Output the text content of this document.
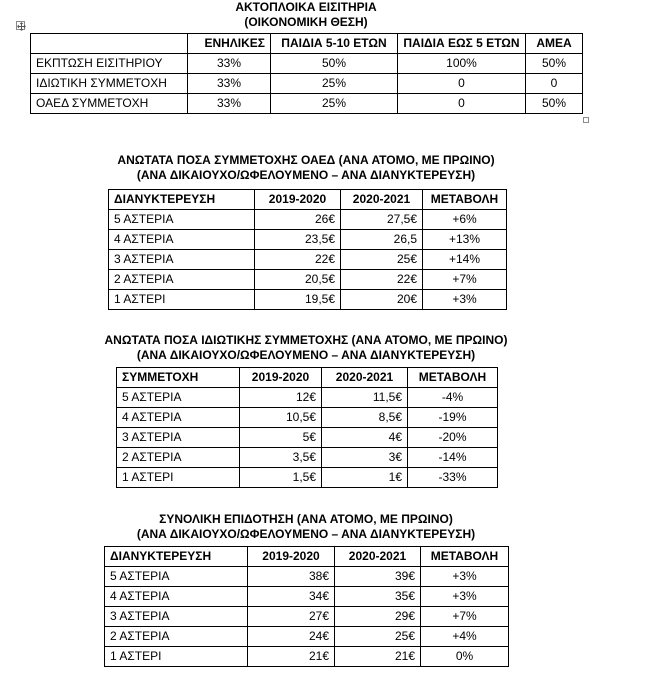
ΑΚΤΟΠΛΟΙΚΑ ΕΙΣΙΤΗΡΙΑ
(ΟΙΚΟΝΟΜΙΚΗ ΘΕΣΗ)
	ΕΝΗΛΙΚΕΣ	ΠΑΙΔΙΑ 5-10 ΕΤΩΝ	ΠΑΙΔΙΑ ΕΩΣ 5 ΕΤΩΝ	ΑΜΕΑ
ΕΚΠΤΩΣΗ ΕΙΣΙΤΗΡΙΟΥ	33%	50%	100%	50%
ΙΔΙΩΤΙΚΗ ΣΥΜΜΕΤΟΧΗ	33%	25%	0	0
ΟΑΕΔ ΣΥΜΜΕΤΟΧΗ	33%	25%	0	50%
ΑΝΩΤΑΤΑ ΠΟΣΑ ΣΥΜΜΕΤΟΧΗΣ ΟΑΕΔ (ΑΝΑ ΑΤΟΜΟ, ΜΕ ΠΡΩΙΝΟ)
(ΑΝΑ ΔΙΚΑΙΟΥΧΟ/ΩΦΕΛΟΥΜΕΝΟ – ΑΝΑ ΔΙΑΝΥΚΤΕΡΕΥΣΗ)
ΔΙΑΝΥΚΤΕΡΕΥΣΗ	2019-2020	2020-2021	ΜΕΤΑΒΟΛΗ
5 ΑΣΤΕΡΙΑ	26€	27,5€	+6%
4 ΑΣΤΕΡΙΑ	23,5€	26,5	+13%
3 ΑΣΤΕΡΙΑ	22€	25€	+14%
2 ΑΣΤΕΡΙΑ	20,5€	22€	+7%
1 ΑΣΤΕΡΙ	19,5€	20€	+3%
ΑΝΩΤΑΤΑ ΠΟΣΑ ΙΔΙΩΤΙΚΗΣ ΣΥΜΜΕΤΟΧΗΣ (ΑΝΑ ΑΤΟΜΟ, ΜΕ ΠΡΩΙΝΟ)
(ΑΝΑ ΔΙΚΑΙΟΥΧΟ/ΩΦΕΛΟΥΜΕΝΟ – ΑΝΑ ΔΙΑΝΥΚΤΕΡΕΥΣΗ)
ΣΥΜΜΕΤΟΧΗ	2019-2020	2020-2021	ΜΕΤΑΒΟΛΗ
5 ΑΣΤΕΡΙΑ	12€	11,5€	-4%
4 ΑΣΤΕΡΙΑ	10,5€	8,5€	-19%
3 ΑΣΤΕΡΙΑ	5€	4€	-20%
2 ΑΣΤΕΡΙΑ	3,5€	3€	-14%
1 ΑΣΤΕΡΙ	1,5€	1€	-33%
ΣΥΝΟΛΙΚΗ ΕΠΙΔΟΤΗΣΗ (ΑΝΑ ΑΤΟΜΟ, ΜΕ ΠΡΩΙΝΟ)
(ΑΝΑ ΔΙΚΑΙΟΥΧΟ/ΩΦΕΛΟΥΜΕΝΟ – ΑΝΑ ΔΙΑΝΥΚΤΕΡΕΥΣΗ)
ΔΙΑΝΥΚΤΕΡΕΥΣΗ	2019-2020	2020-2021	ΜΕΤΑΒΟΛΗ
5 ΑΣΤΕΡΙΑ	38€	39€	+3%
4 ΑΣΤΕΡΙΑ	34€	35€	+3%
3 ΑΣΤΕΡΙΑ	27€	29€	+7%
2 ΑΣΤΕΡΙΑ	24€	25€	+4%
1 ΑΣΤΕΡΙ	21€	21€	0%
